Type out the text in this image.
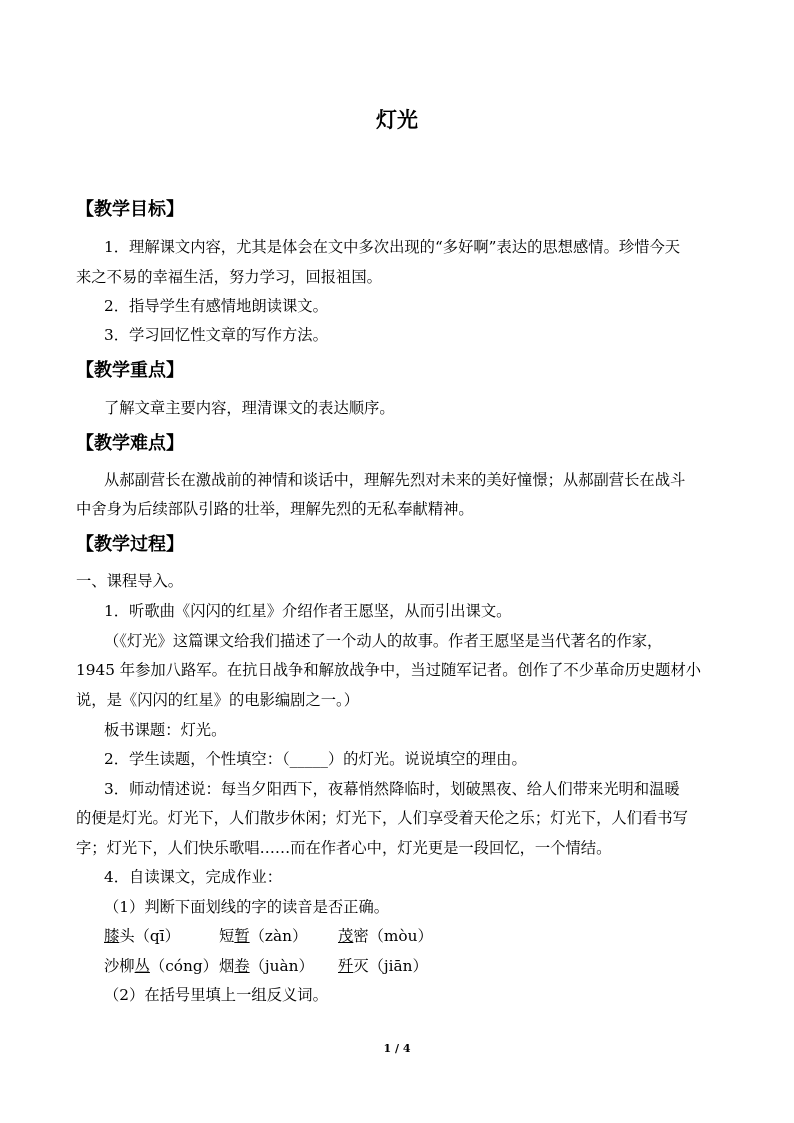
灯光
【教学目标】
1．理解课文内容，尤其是体会在文中多次出现的“多好啊”表达的思想感情。珍惜今天
来之不易的幸福生活，努力学习，回报祖国。
2．指导学生有感情地朗读课文。
3．学习回忆性文章的写作方法。
【教学重点】
了解文章主要内容，理清课文的表达顺序。
【教学难点】
从郝副营长在激战前的神情和谈话中，理解先烈对未来的美好憧憬；从郝副营长在战斗
中舍身为后续部队引路的壮举，理解先烈的无私奉献精神。
【教学过程】
一、课程导入。
1．听歌曲《闪闪的红星》介绍作者王愿坚，从而引出课文。
（《灯光》这篇课文给我们描述了一个动人的故事。作者王愿坚是当代著名的作家，
1945 年参加八路军。在抗日战争和解放战争中，当过随军记者。创作了不少革命历史题材小
说，是《闪闪的红星》的电影编剧之一。）
板书课题：灯光。
2．学生读题，个性填空：（_____）的灯光。说说填空的理由。
3．师动情述说：每当夕阳西下，夜幕悄然降临时，划破黑夜、给人们带来光明和温暖
的便是灯光。灯光下，人们散步休闲；灯光下，人们享受着天伦之乐；灯光下，人们看书写
字；灯光下，人们快乐歌唱……而在作者心中，灯光更是一段回忆，一个情结。
4．自读课文，完成作业：
（1）判断下面划线的字的读音是否正确。
膝头（qī）	短暂（zàn） 茂密（mòu）
沙柳丛（cóng） 烟卷（juàn） 歼灭（jiān）
（2）在括号里填上一组反义词。
1 / 4
